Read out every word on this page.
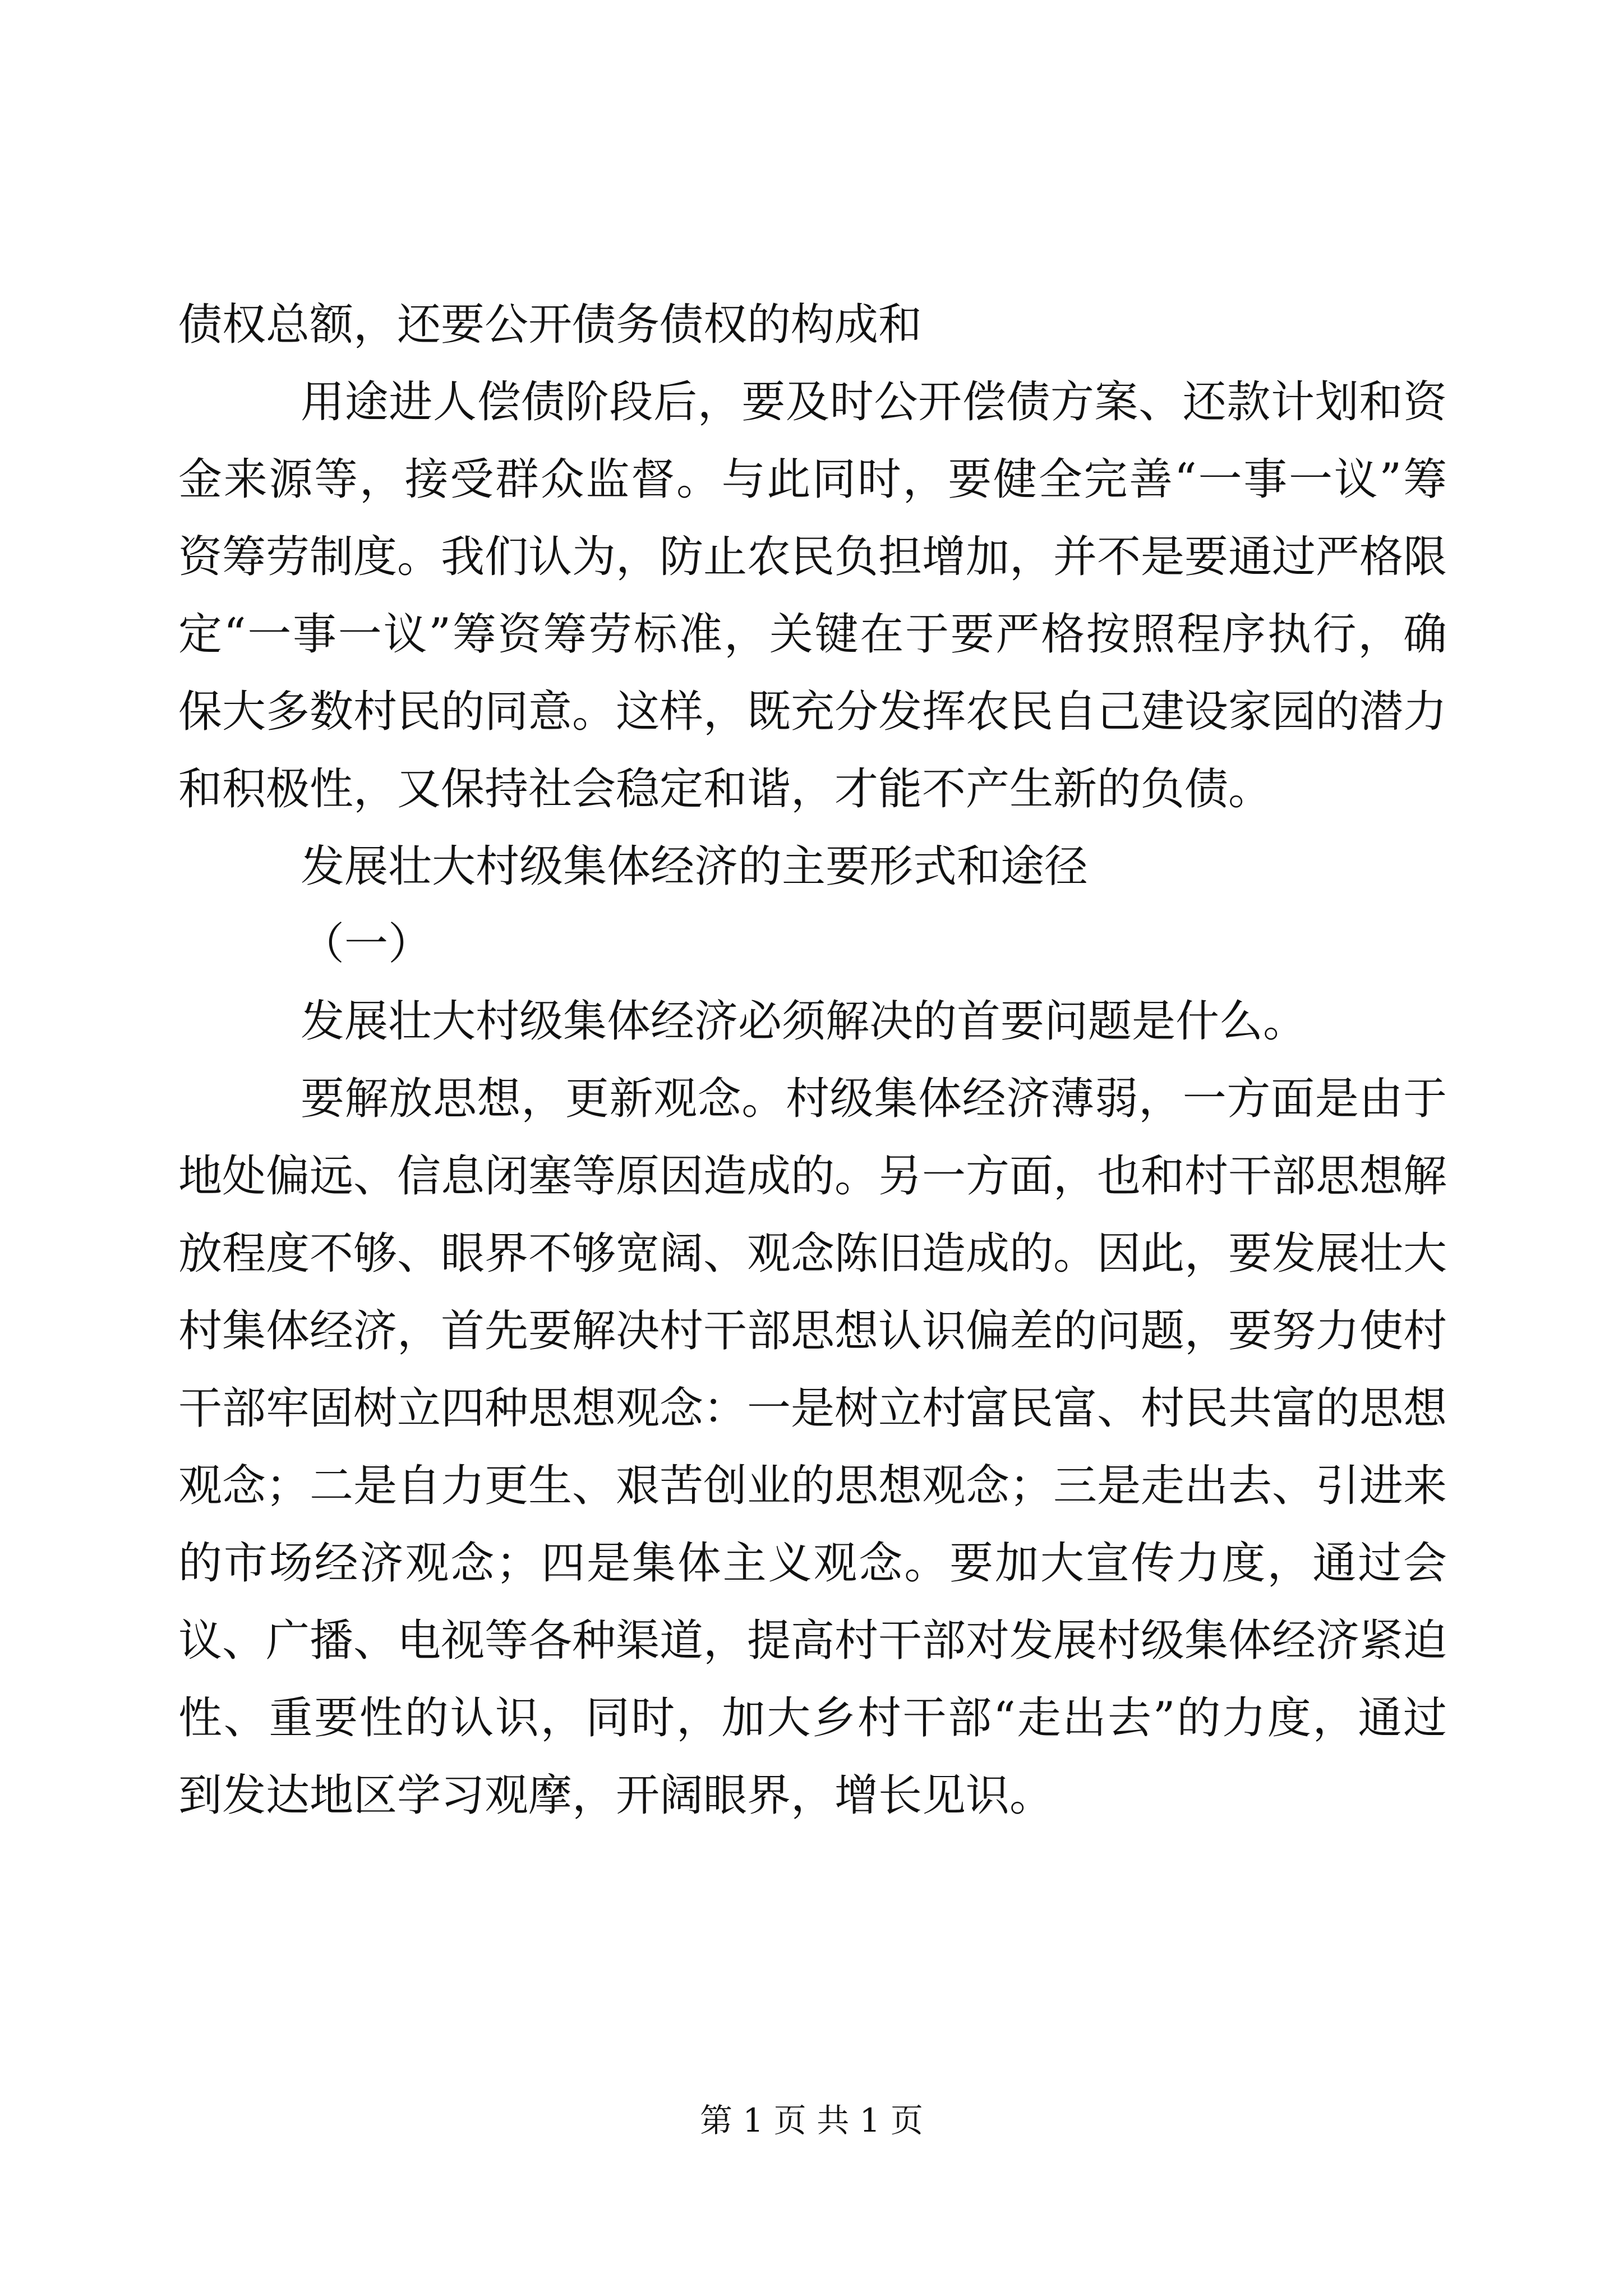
债权总额，还要公开债务债权的构成和

用途进人偿债阶段后，要及时公开偿债方案、还款计划和资金来源等，接受群众监督。与此同时，要健全完善“一事一议”筹资筹劳制度。我们认为，防止农民负担增加，并不是要通过严格限定“一事一议”筹资筹劳标准，关键在于要严格按照程序执行，确保大多数村民的同意。这样，既充分发挥农民自己建设家园的潜力和积极性，又保持社会稳定和谐，才能不产生新的负债。

发展壮大村级集体经济的主要形式和途径

（一）

发展壮大村级集体经济必须解决的首要问题是什么。

要解放思想，更新观念。村级集体经济薄弱，一方面是由于地处偏远、信息闭塞等原因造成的。另一方面，也和村干部思想解放程度不够、眼界不够宽阔、观念陈旧造成的。因此，要发展壮大村集体经济，首先要解决村干部思想认识偏差的问题，要努力使村干部牢固树立四种思想观念：一是树立村富民富、村民共富的思想观念；二是自力更生、艰苦创业的思想观念；三是走出去、引进来的市场经济观念；四是集体主义观念。要加大宣传力度，通过会议、广播、电视等各种渠道，提高村干部对发展村级集体经济紧迫性、重要性的认识，同时，加大乡村干部“走出去”的力度，通过到发达地区学习观摩，开阔眼界，增长见识。

第 1 页 共 1 页
